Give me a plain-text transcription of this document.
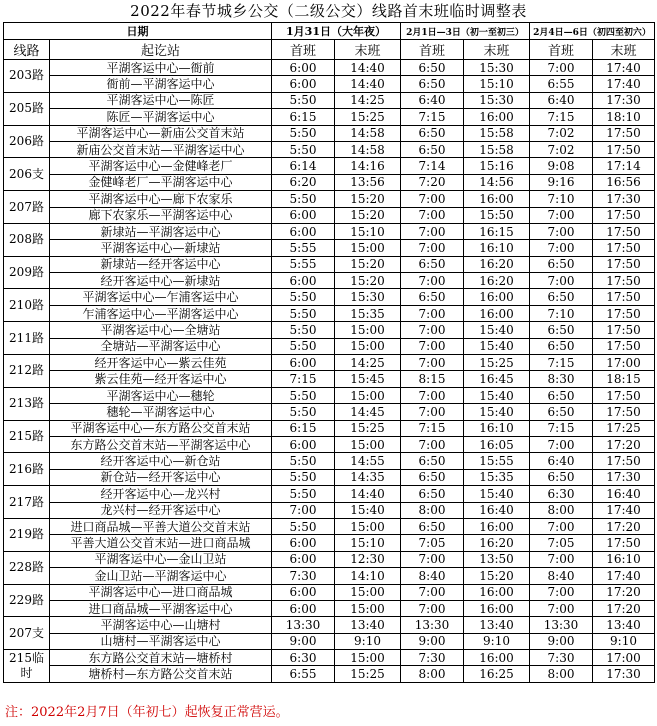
2022年春节城乡公交（二级公交）线路首末班临时调整表
日期		1月31日（大年夜）		2月1日—3日（初一至初三）		2月4日—6日（初四至初六）	
线路	起讫站	首班	末班	首班	末班	首班	末班
203路	平湖客运中心—衙前	6:00	14:40	6:50	15:30	7:00	17:40
	衙前—平湖客运中心	6:00	14:40	6:50	15:10	6:55	17:40
205路	平湖客运中心—陈匠	5:50	14:25	6:40	15:30	6:40	17:30
	陈匠—平湖客运中心	6:15	15:25	7:15	16:00	7:15	18:10
206路	平湖客运中心—新庙公交首末站	5:50	14:58	6:50	15:58	7:02	17:50
	新庙公交首末站—平湖客运中心	5:50	14:58	6:50	15:58	7:02	17:50
206支	平湖客运中心—金健峰老厂	6:14	14:16	7:14	15:16	9:08	17:14
	金健峰老厂—平湖客运中心	6:20	13:56	7:20	14:56	9:16	16:56
207路	平湖客运中心—廊下农家乐	5:50	15:20	7:00	16:00	7:10	17:30
	廊下农家乐—平湖客运中心	6:00	15:20	7:00	15:50	7:00	17:50
208路	新埭站—平湖客运中心	6:00	15:10	7:00	16:15	7:00	17:50
	平湖客运中心—新埭站	5:55	15:00	7:00	16:10	7:00	17:50
209路	新埭站—经开客运中心	5:55	15:20	6:50	16:20	6:50	17:50
	经开客运中心—新埭站	6:00	15:20	7:00	16:20	7:00	17:50
210路	平湖客运中心—乍浦客运中心	5:50	15:30	6:50	16:00	6:50	17:50
	乍浦客运中心—平湖客运中心	5:50	15:35	7:00	16:00	7:10	17:50
211路	平湖客运中心—全塘站	5:50	15:00	7:00	15:40	6:50	17:50
	全塘站—平湖客运中心	5:50	15:00	7:00	15:40	6:50	17:50
212路	经开客运中心—紫云佳苑	6:00	14:25	7:00	15:25	7:15	17:00
	紫云佳苑—经开客运中心	7:15	15:45	8:15	16:45	8:30	18:15
213路	平湖客运中心—穗轮	5:50	15:00	7:00	15:40	6:50	17:50
	穗轮—平湖客运中心	5:50	14:45	7:00	15:40	6:50	17:50
215路	平湖客运中心—东方路公交首末站	6:15	15:25	7:15	16:10	7:15	17:25
	东方路公交首末站—平湖客运中心	6:00	15:00	7:00	16:05	7:00	17:20
216路	经开客运中心—新仓站	5:50	14:55	6:50	15:55	6:40	17:50
	新仓站—经开客运中心	5:50	14:35	6:50	15:35	6:50	17:30
217路	经开客运中心—龙兴村	5:50	14:40	6:50	15:40	6:30	16:40
	龙兴村—经开客运中心	7:00	15:40	8:00	16:40	8:00	17:40
219路	进口商品城—平善大道公交首末站	5:50	15:00	6:50	16:00	7:00	17:20
	平善大道公交首末站—进口商品城	6:00	15:10	7:05	16:20	7:05	17:50
228路	平湖客运中心—金山卫站	6:00	12:30	7:00	13:50	7:00	16:10
	金山卫站—平湖客运中心	7:30	14:10	8:40	15:20	8:40	17:40
229路	平湖客运中心—进口商品城	6:00	15:00	7:00	16:00	7:00	17:20
	进口商品城—平湖客运中心	6:00	15:00	7:00	16:00	7:00	17:20
207支	平湖客运中心—山塘村	13:30	13:40	13:30	13:40	13:30	13:40
	山塘村—平湖客运中心	9:00	9:10	9:00	9:10	9:00	9:10
215临时	东方路公交首末站—塘桥村	6:30	15:00	7:30	16:00	7:30	17:00
	塘桥村—东方路公交首末站	6:55	15:25	8:00	16:25	8:00	17:30
注：2022年2月7日（年初七）起恢复正常营运。
